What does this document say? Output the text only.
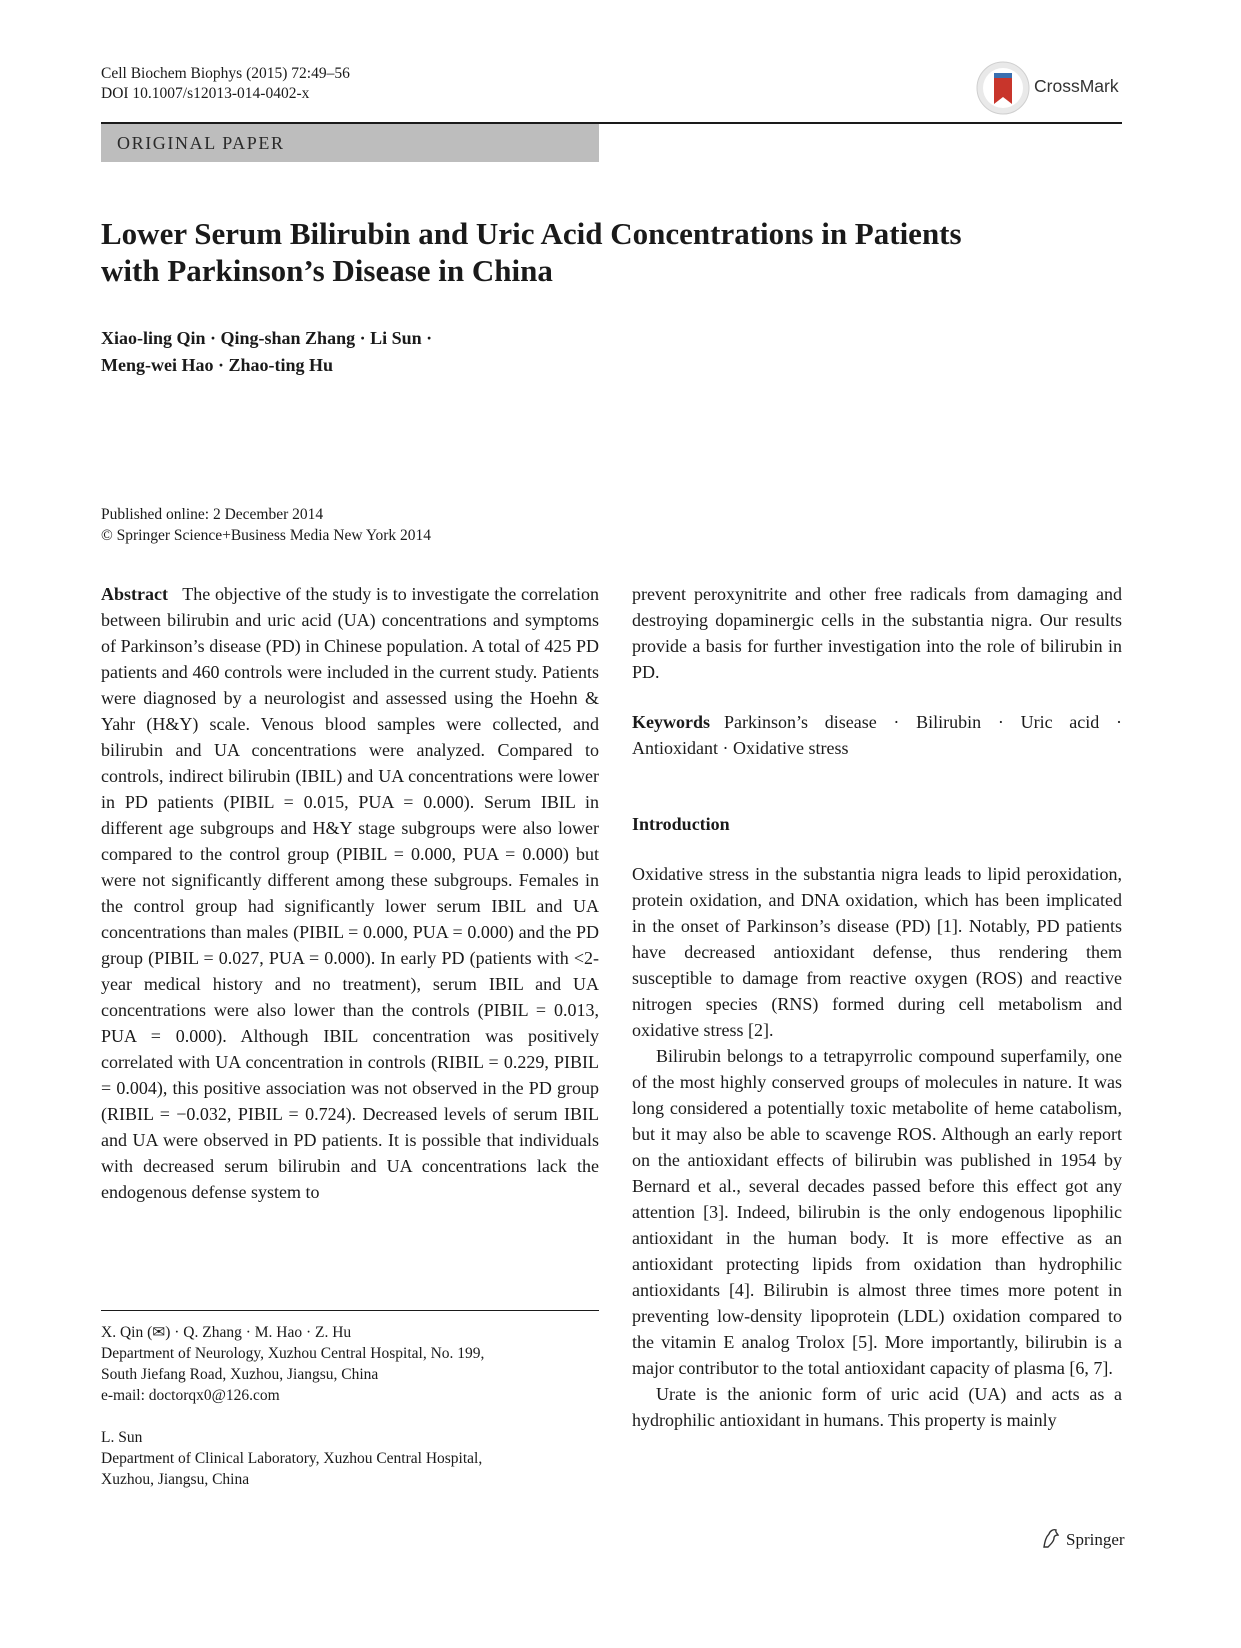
Cell Biochem Biophys (2015) 72:49–56
DOI 10.1007/s12013-014-0402-x	CrossMark
ORIGINAL PAPER
Lower Serum Bilirubin and Uric Acid Concentrations in Patients
with Parkinson’s Disease in China
Xiao-ling Qin · Qing-shan Zhang · Li Sun ·
Meng-wei Hao · Zhao-ting Hu
Published online: 2 December 2014
© Springer Science+Business Media New York 2014

Abstract The objective of the study is to investigate the correlation between bilirubin and uric acid (UA) concentrations and symptoms of Parkinson’s disease (PD) in Chinese population. A total of 425 PD patients and 460 controls were included in the current study. Patients were diagnosed by a neurologist and assessed using the Hoehn & Yahr (H&Y) scale. Venous blood samples were collected, and bilirubin and UA concentrations were analyzed. Compared to controls, indirect bilirubin (IBIL) and UA concentrations were lower in PD patients (PIBIL = 0.015, PUA = 0.000). Serum IBIL in different age subgroups and H&Y stage subgroups were also lower compared to the control group (PIBIL = 0.000, PUA = 0.000) but were not significantly different among these subgroups. Females in the control group had significantly lower serum IBIL and UA concentrations than males (PIBIL = 0.000, PUA = 0.000) and the PD group (PIBIL = 0.027, PUA = 0.000). In early PD (patients with <2-year medical history and no treatment), serum IBIL and UA concentrations were also lower than the controls (PIBIL = 0.013, PUA = 0.000). Although IBIL concentration was positively correlated with UA concentration in controls (RIBIL = 0.229, PIBIL = 0.004), this positive association was not observed in the PD group (RIBIL = −0.032, PIBIL = 0.724). Decreased levels of serum IBIL and UA were observed in PD patients. It is possible that individuals with decreased serum bilirubin and UA concentrations lack the endogenous defense system to

X. Qin (✉) · Q. Zhang · M. Hao · Z. Hu
Department of Neurology, Xuzhou Central Hospital, No. 199,
South Jiefang Road, Xuzhou, Jiangsu, China
e-mail: doctorqx0@126.com
L. Sun
Department of Clinical Laboratory, Xuzhou Central Hospital,
Xuzhou, Jiangsu, China

prevent peroxynitrite and other free radicals from damaging and destroying dopaminergic cells in the substantia nigra. Our results provide a basis for further investigation into the role of bilirubin in PD.

Keywords Parkinson’s disease · Bilirubin · Uric acid · Antioxidant · Oxidative stress

Introduction

Oxidative stress in the substantia nigra leads to lipid peroxidation, protein oxidation, and DNA oxidation, which has been implicated in the onset of Parkinson’s disease (PD) [1]. Notably, PD patients have decreased antioxidant defense, thus rendering them susceptible to damage from reactive oxygen (ROS) and reactive nitrogen species (RNS) formed during cell metabolism and oxidative stress [2].

Bilirubin belongs to a tetrapyrrolic compound superfamily, one of the most highly conserved groups of molecules in nature. It was long considered a potentially toxic metabolite of heme catabolism, but it may also be able to scavenge ROS. Although an early report on the antioxidant effects of bilirubin was published in 1954 by Bernard et al., several decades passed before this effect got any attention [3]. Indeed, bilirubin is the only endogenous lipophilic antioxidant in the human body. It is more effective as an antioxidant protecting lipids from oxidation than hydrophilic antioxidants [4]. Bilirubin is almost three times more potent in preventing low-density lipoprotein (LDL) oxidation compared to the vitamin E analog Trolox [5]. More importantly, bilirubin is a major contributor to the total antioxidant capacity of plasma [6, 7].

Urate is the anionic form of uric acid (UA) and acts as a hydrophilic antioxidant in humans. This property is mainly

Springer
